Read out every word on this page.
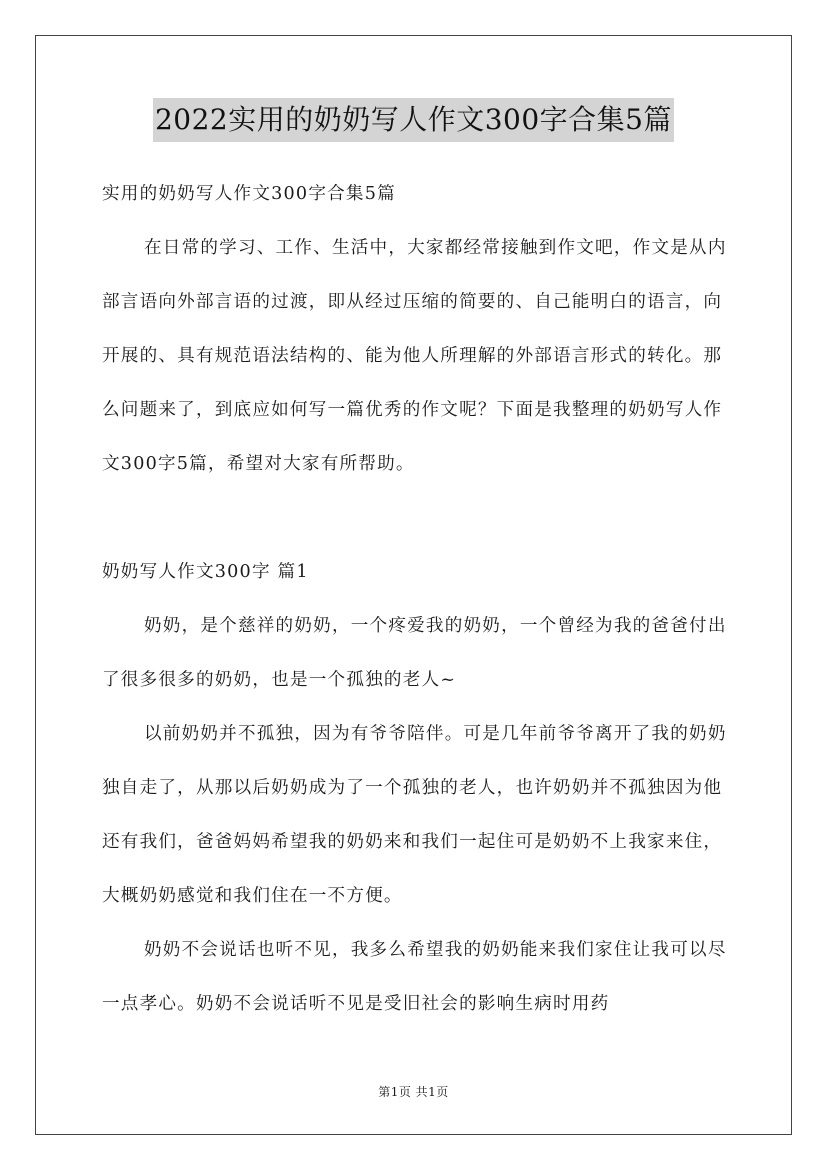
2022实用的奶奶写人作文300字合集5篇

实用的奶奶写人作文300字合集5篇

在日常的学习、工作、生活中，大家都经常接触到作文吧，作文是从内部言语向外部言语的过渡，即从经过压缩的简要的、自己能明白的语言，向开展的、具有规范语法结构的、能为他人所理解的外部语言形式的转化。那么问题来了，到底应如何写一篇优秀的作文呢？下面是我整理的奶奶写人作文300字5篇，希望对大家有所帮助。

奶奶写人作文300字 篇1

奶奶，是个慈祥的奶奶，一个疼爱我的奶奶，一个曾经为我的爸爸付出了很多很多的奶奶，也是一个孤独的老人~

以前奶奶并不孤独，因为有爷爷陪伴。可是几年前爷爷离开了我的奶奶独自走了，从那以后奶奶成为了一个孤独的老人，也许奶奶并不孤独因为他还有我们，爸爸妈妈希望我的奶奶来和我们一起住可是奶奶不上我家来住，大概奶奶感觉和我们住在一不方便。

奶奶不会说话也听不见，我多么希望我的奶奶能来我们家住让我可以尽一点孝心。奶奶不会说话听不见是受旧社会的影响生病时用药

第1页 共1页
